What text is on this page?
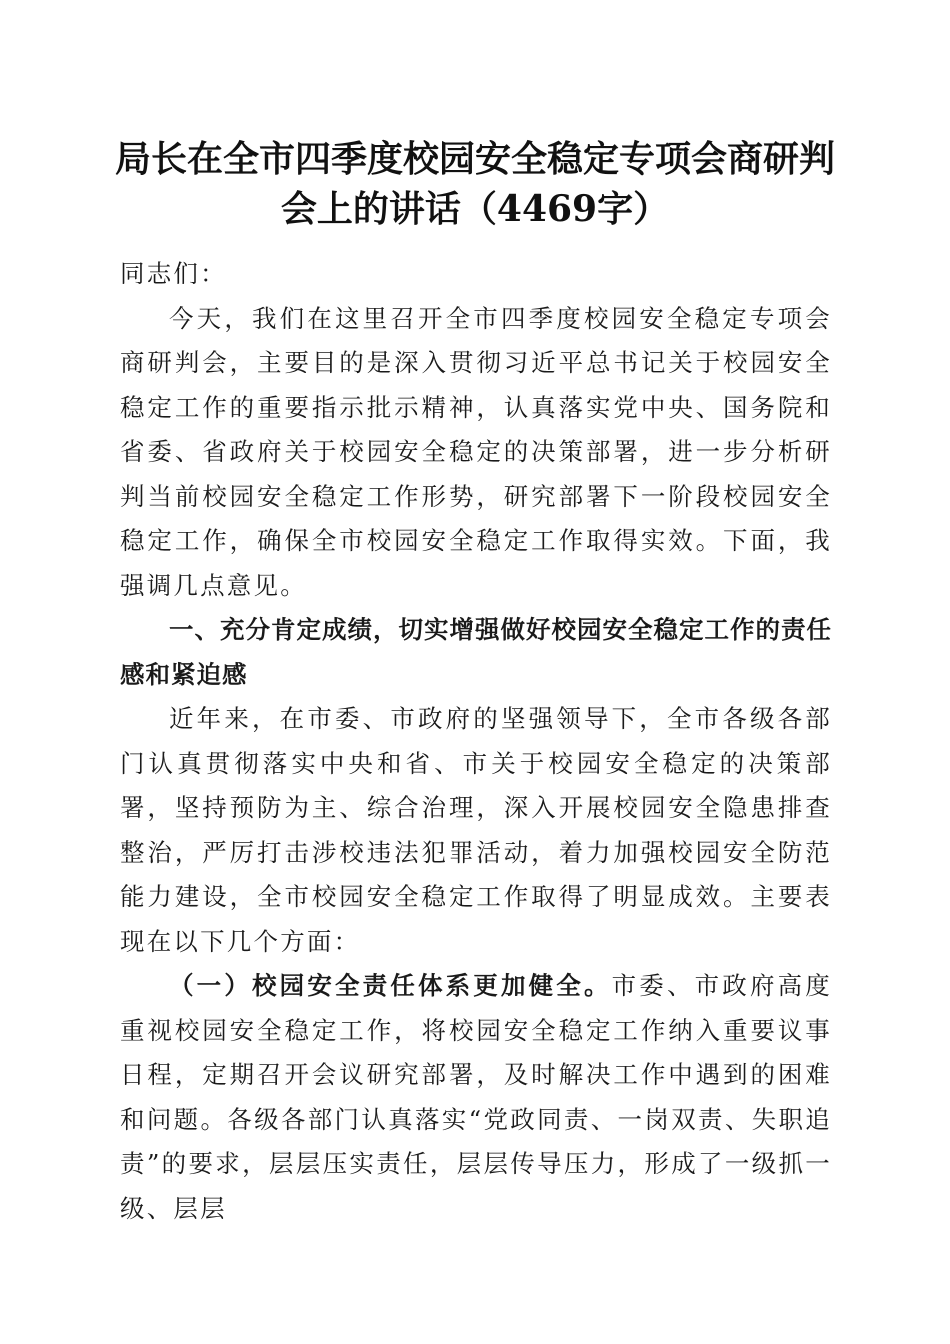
局长在全市四季度校园安全稳定专项会商研判会上的讲话（4469字）

同志们：

今天，我们在这里召开全市四季度校园安全稳定专项会商研判会，主要目的是深入贯彻习近平总书记关于校园安全稳定工作的重要指示批示精神，认真落实党中央、国务院和省委、省政府关于校园安全稳定的决策部署，进一步分析研判当前校园安全稳定工作形势，研究部署下一阶段校园安全稳定工作，确保全市校园安全稳定工作取得实效。下面，我强调几点意见。

一、充分肯定成绩，切实增强做好校园安全稳定工作的责任感和紧迫感

近年来，在市委、市政府的坚强领导下，全市各级各部门认真贯彻落实中央和省、市关于校园安全稳定的决策部署，坚持预防为主、综合治理，深入开展校园安全隐患排查整治，严厉打击涉校违法犯罪活动，着力加强校园安全防范能力建设，全市校园安全稳定工作取得了明显成效。主要表现在以下几个方面：

（一）校园安全责任体系更加健全。市委、市政府高度重视校园安全稳定工作，将校园安全稳定工作纳入重要议事日程，定期召开会议研究部署，及时解决工作中遇到的困难和问题。各级各部门认真落实“党政同责、一岗双责、失职追责”的要求，层层压实责任，层层传导压力，形成了一级抓一级、层层
